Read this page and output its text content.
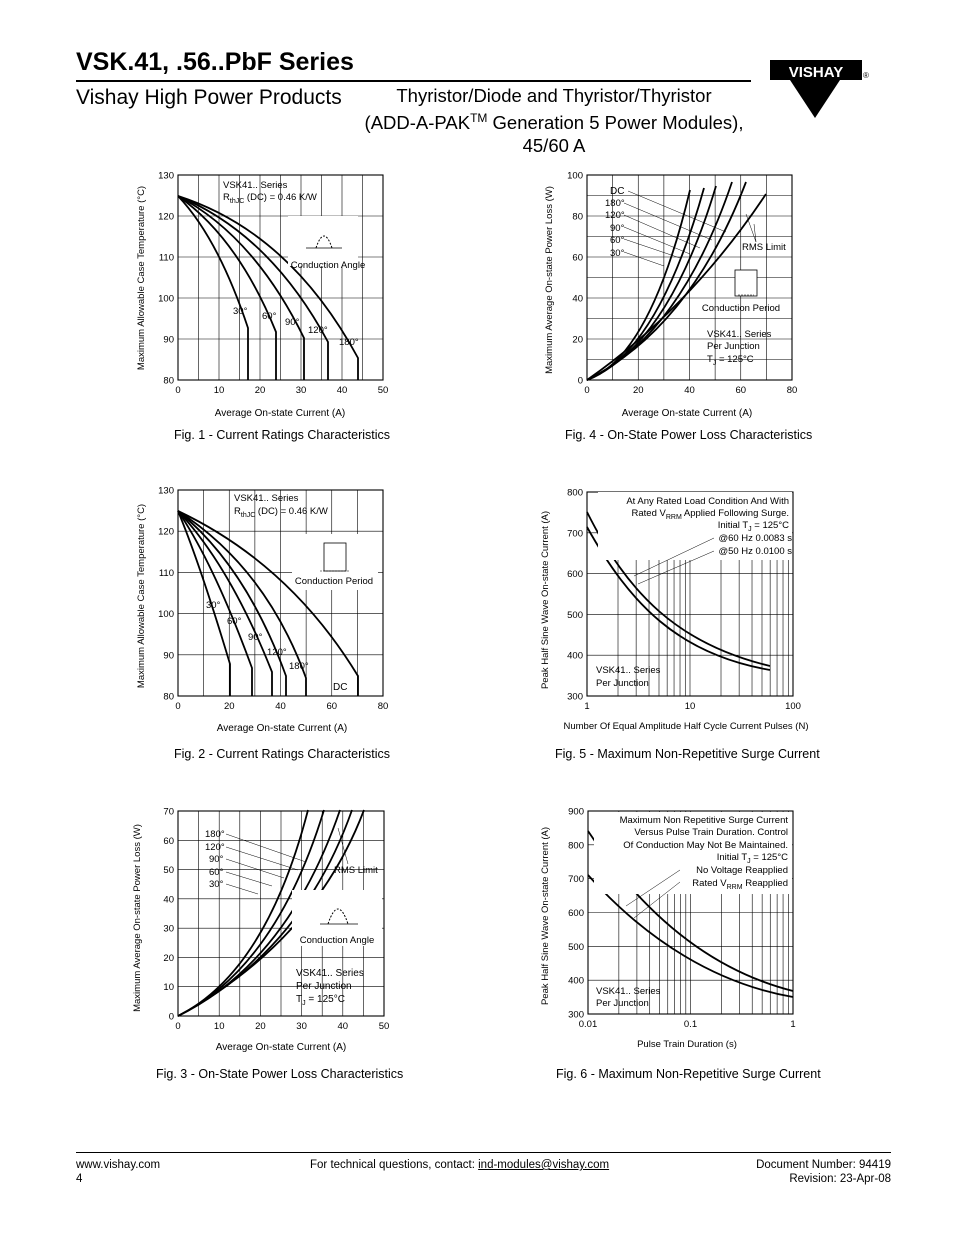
VSK.41, .56..PbF Series
Vishay High Power Products	Thyristor/Diode and Thyristor/Thyristor
(ADD-A-PAK™ Generation 5 Power Modules),
45/60 A
VISHAY ®
0	10	20	30	40	50
130
120
110
100
90
80
Maximum Allowable Case Temperature (°C)
Average On-state Current (A)
VSK41.. Series
$R_{thJC}$ (DC) = 0.46 K/W
Conduction Angle
30° 60°
90°
120°
180°
Fig. 1 - Current Ratings Characteristics
0	20	40	60	80
100
80
60
40
20
0
Maximum Average On-state Power Loss (W)
Average On-state Current (A)
DC
180°
120°
90°
60°
30°
RMS Limit
Conduction Period
VSK41.. Series
Per Junction
$T_J = 125^\circ C$
Fig. 4 - On-State Power Loss Characteristics
0	20	40	60	80
130
120
110
100
90
80
Maximum Allowable Case Temperature (°C)
Average On-state Current (A)
VSK41.. Series
$R_{thJC}$ (DC) = 0.46 K/W
Conduction Period
30°
60°
90°
120°
180°
DC
Fig. 2 - Current Ratings Characteristics
1	10	100
800
700
600
500
400
300
Peak Half Sine Wave On-state Current (A)
Number Of Equal Amplitude Half Cycle Current Pulses (N)
At Any Rated Load Condition And With
Rated $V_{RRM}$ Applied Following Surge.
Initial $T_J = 125^\circ C$
@60 Hz 0.0083 s
@50 Hz 0.0100 s
VSK41.. Series
Per Junction
Fig. 5 - Maximum Non-Repetitive Surge Current
0	10	20	30	40	50
70
60
50
40
30
20
10
0
Maximum Average On-state Power Loss (W)
Average On-state Current (A)
180°
120°
90°
60°
30°
RMS Limit
Conduction Angle
VSK41.. Series
Per Junction
$T_J = 125^\circ C$
Fig. 3 - On-State Power Loss Characteristics
0.01	0.1	1
900
800
700
600
500
400
300
Peak Half Sine Wave On-state Current (A)
Pulse Train Duration (s)
Maximum Non Repetitive Surge Current
Versus Pulse Train Duration. Control
Of Conduction May Not Be Maintained.
Initial $T_J = 125^\circ C$
No Voltage Reapplied
Rated $V_{RRM}$ Reapplied
VSK41.. Series
Per Junction
Fig. 6 - Maximum Non-Repetitive Surge Current
www.vishay.com
4
For technical questions, contact: ind-modules@vishay.com	Document Number: 94419
Revision: 23-Apr-08
